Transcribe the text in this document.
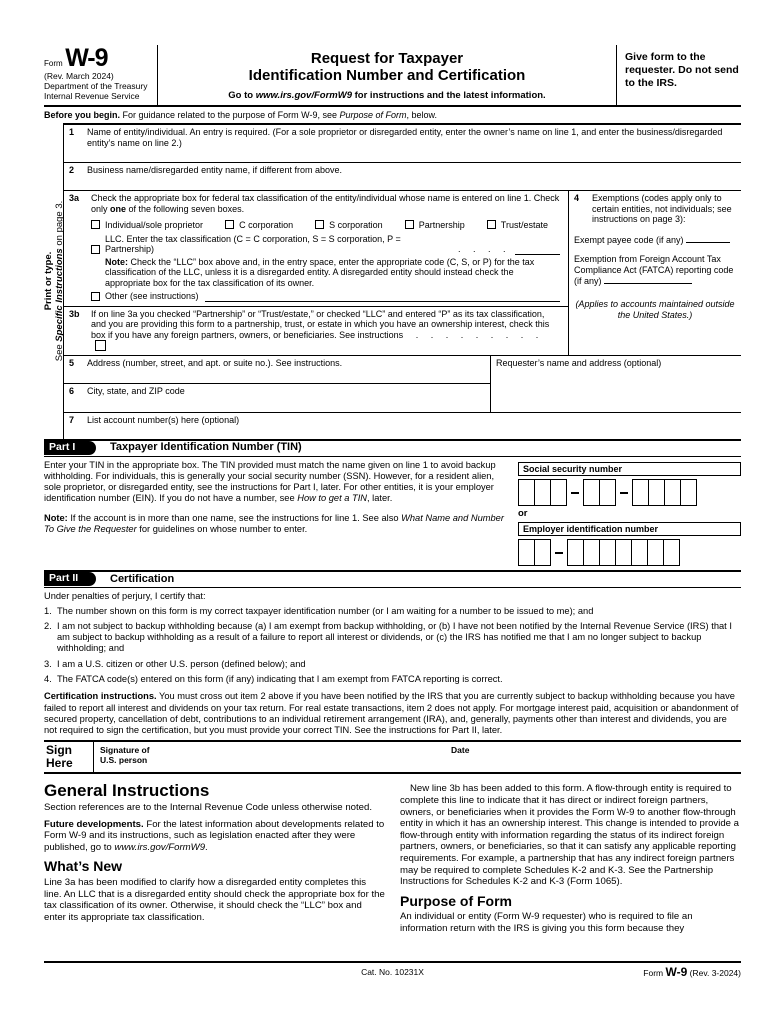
Form W-9
(Rev. March 2024)
Department of the Treasury
Internal Revenue Service
Request for Taxpayer
Identification Number and Certification
Go to www.irs.gov/FormW9 for instructions and the latest information.
Give form to the requester. Do not send to the IRS.
Before you begin. For guidance related to the purpose of Form W-9, see Purpose of Form, below.
Print or type.
See Specific Instructions on page 3.
1	Name of entity/individual. An entry is required. (For a sole proprietor or disregarded entity, enter the owner’s name on line 1, and enter the business/disregarded entity’s name on line 2.)
2	Business name/disregarded entity name, if different from above.
3a	Check the appropriate box for federal tax classification of the entity/individual whose name is entered on line 1. Check only one of the following seven boxes.
Individual/sole proprietor	C corporation	S corporation	Partnership	Trust/estate
LLC. Enter the tax classification (C = C corporation, S = S corporation, P = Partnership)	. . . .
Note: Check the “LLC” box above and, in the entry space, enter the appropriate code (C, S, or P) for the tax classification of the LLC, unless it is a disregarded entity. A disregarded entity should instead check the appropriate box for the tax classification of its owner.
Other (see instructions)
3b	If on line 3a you checked “Partnership” or “Trust/estate,” or checked “LLC” and entered “P” as its tax classification, and you are providing this form to a partnership, trust, or estate in which you have an ownership interest, check this box if you have any foreign partners, owners, or beneficiaries. See instructions . . . . . . . . .
4	Exemptions (codes apply only to certain entities, not individuals; see instructions on page 3):
Exempt payee code (if any)
Exemption from Foreign Account Tax Compliance Act (FATCA) reporting code (if any)
(Applies to accounts maintained outside the United States.)
5	Address (number, street, and apt. or suite no.). See instructions.
6	City, state, and ZIP code
Requester’s name and address (optional)
7	List account number(s) here (optional)
Part I	Taxpayer Identification Number (TIN)
Enter your TIN in the appropriate box. The TIN provided must match the name given on line 1 to avoid backup withholding. For individuals, this is generally your social security number (SSN). However, for a resident alien, sole proprietor, or disregarded entity, see the instructions for Part I, later. For other entities, it is your employer identification number (EIN). If you do not have a number, see How to get a TIN, later.
Note: If the account is in more than one name, see the instructions for line 1. See also What Name and Number To Give the Requester for guidelines on whose number to enter.
Social security number
or
Employer identification number
Part II	Certification
Under penalties of perjury, I certify that:
1. The number shown on this form is my correct taxpayer identification number (or I am waiting for a number to be issued to me); and
2. I am not subject to backup withholding because (a) I am exempt from backup withholding, or (b) I have not been notified by the Internal Revenue Service (IRS) that I am subject to backup withholding as a result of a failure to report all interest or dividends, or (c) the IRS has notified me that I am no longer subject to backup withholding; and
3. I am a U.S. citizen or other U.S. person (defined below); and
4. The FATCA code(s) entered on this form (if any) indicating that I am exempt from FATCA reporting is correct.
Certification instructions. You must cross out item 2 above if you have been notified by the IRS that you are currently subject to backup withholding because you have failed to report all interest and dividends on your tax return. For real estate transactions, item 2 does not apply. For mortgage interest paid, acquisition or abandonment of secured property, cancellation of debt, contributions to an individual retirement arrangement (IRA), and, generally, payments other than interest and dividends, you are not required to sign the certification, but you must provide your correct TIN. See the instructions for Part II, later.
Sign
Here
Signature of
U.S. person
Date
General Instructions

Section references are to the Internal Revenue Code unless otherwise noted.

Future developments. For the latest information about developments related to Form W-9 and its instructions, such as legislation enacted after they were published, go to www.irs.gov/FormW9.

What’s New

Line 3a has been modified to clarify how a disregarded entity completes this line. An LLC that is a disregarded entity should check the appropriate box for the tax classification of its owner. Otherwise, it should check the “LLC” box and enter its appropriate tax classification.

New line 3b has been added to this form. A flow-through entity is required to complete this line to indicate that it has direct or indirect foreign partners, owners, or beneficiaries when it provides the Form W-9 to another flow-through entity in which it has an ownership interest. This change is intended to provide a flow-through entity with information regarding the status of its indirect foreign partners, owners, or beneficiaries, so that it can satisfy any applicable reporting requirements. For example, a partnership that has any indirect foreign partners may be required to complete Schedules K-2 and K-3. See the Partnership Instructions for Schedules K-2 and K-3 (Form 1065).

Purpose of Form

An individual or entity (Form W-9 requester) who is required to file an information return with the IRS is giving you this form because they

Cat. No. 10231X	Form W-9 (Rev. 3-2024)
